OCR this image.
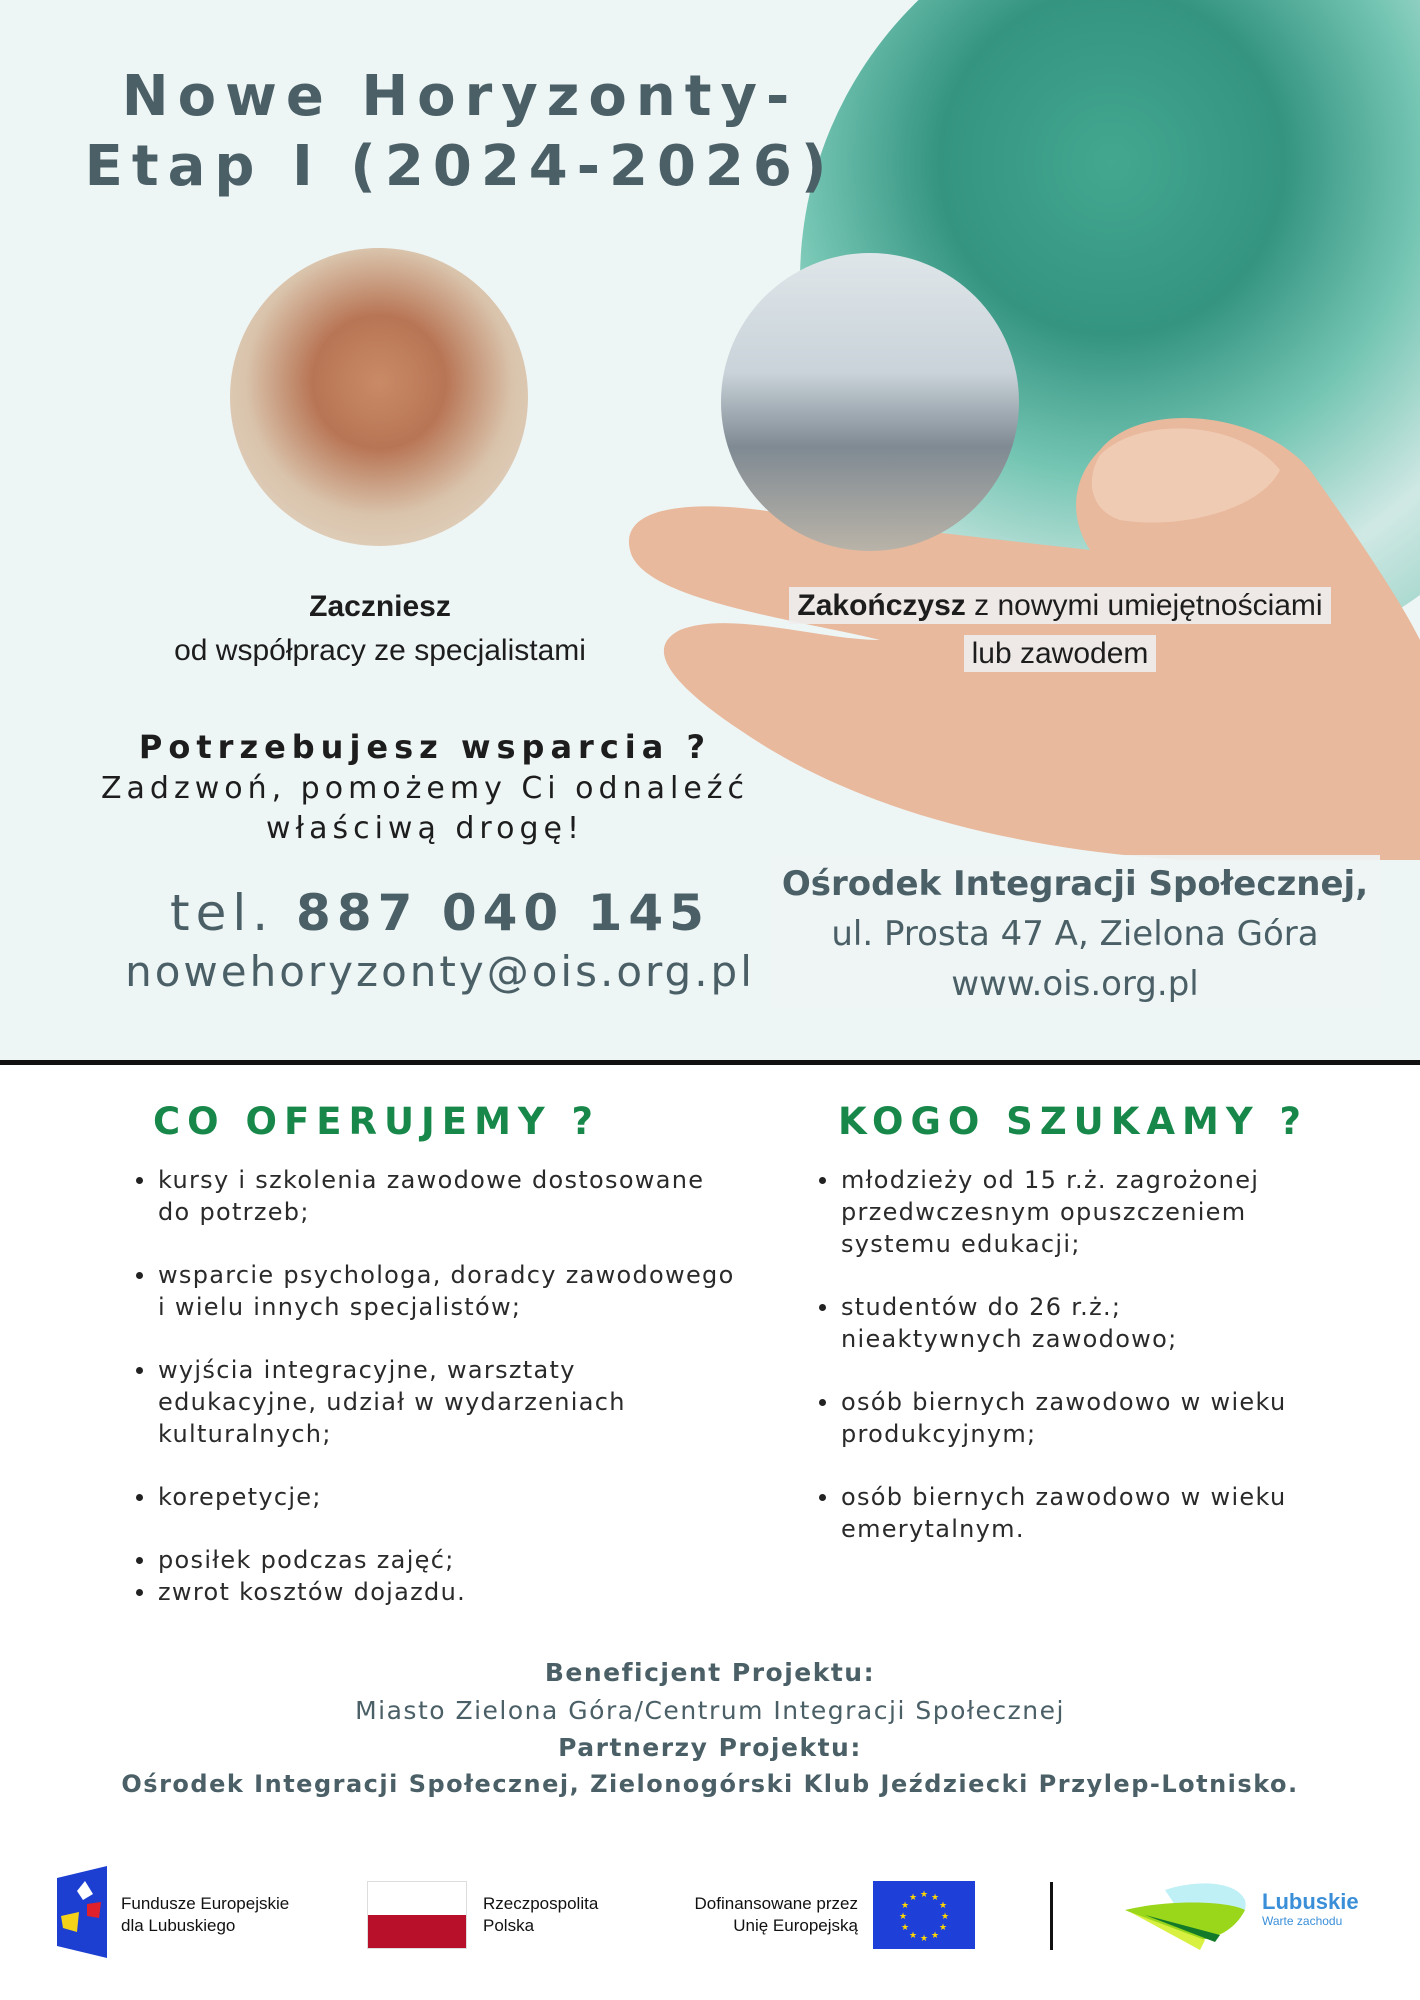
Nowe Horyzonty-
Etap I (2024-2026)
Zaczniesz
od współpracy ze specjalistami
Zakończysz z nowymi umiejętnościami
lub zawodem
Potrzebujesz wsparcia ?
Zadzwoń, pomożemy Ci odnaleźć
właściwą drogę!
tel. 887 040 145
nowehoryzonty@ois.org.pl
Ośrodek Integracji Społecznej,
ul. Prosta 47 A, Zielona Góra
www.ois.org.pl
CO OFERUJEMY ?
kursy i szkolenia zawodowe dostosowane do potrzeb;
wsparcie psychologa, doradcy zawodowego i wielu innych specjalistów;
wyjścia integracyjne, warsztaty edukacyjne, udział w wydarzeniach kulturalnych;
korepetycje;
posiłek podczas zajęć;
zwrot kosztów dojazdu.
KOGO SZUKAMY ?
młodzieży od 15 r.ż. zagrożonej przedwczesnym opuszczeniem systemu edukacji;
studentów do 26 r.ż.; nieaktywnych zawodowo;
osób biernych zawodowo w wieku produkcyjnym;
osób biernych zawodowo w wieku emerytalnym.
Beneficjent Projektu:
Miasto Zielona Góra/Centrum Integracji Społecznej
Partnerzy Projektu:
Ośrodek Integracji Społecznej, Zielonogórski Klub Jeździecki Przylep-Lotnisko.
Fundusze Europejskie
dla Lubuskiego
Rzeczpospolita
Polska
Dofinansowane przez
Unię Europejską
★ ★
★
★
★
★
★
★
★
★
★
★	Lubuskie
Warte zachodu
